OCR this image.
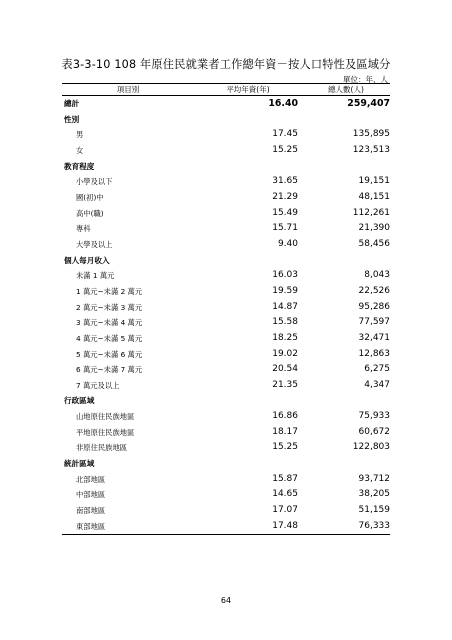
表3-3-10 108 年原住民就業者工作總年資－按人口特性及區域分
單位：年、人
項目別	平均年資(年)	總人數(人)
總計	16.40	259,407
性別		
男	17.45	135,895
女	15.25	123,513
教育程度		
小學及以下	31.65	19,151
國(初)中	21.29	48,151
高中(職)	15.49	112,261
專科	15.71	21,390
大學及以上	9.40	58,456
個人每月收入		
未滿 1 萬元	16.03	8,043
1 萬元~未滿 2 萬元	19.59	22,526
2 萬元~未滿 3 萬元	14.87	95,286
3 萬元~未滿 4 萬元	15.58	77,597
4 萬元~未滿 5 萬元	18.25	32,471
5 萬元~未滿 6 萬元	19.02	12,863
6 萬元~未滿 7 萬元	20.54	6,275
7 萬元及以上	21.35	4,347
行政區域		
山地原住民族地區	16.86	75,933
平地原住民族地區	18.17	60,672
非原住民族地區	15.25	122,803
統計區域		
北部地區	15.87	93,712
中部地區	14.65	38,205
南部地區	17.07	51,159
東部地區	17.48	76,333
64
